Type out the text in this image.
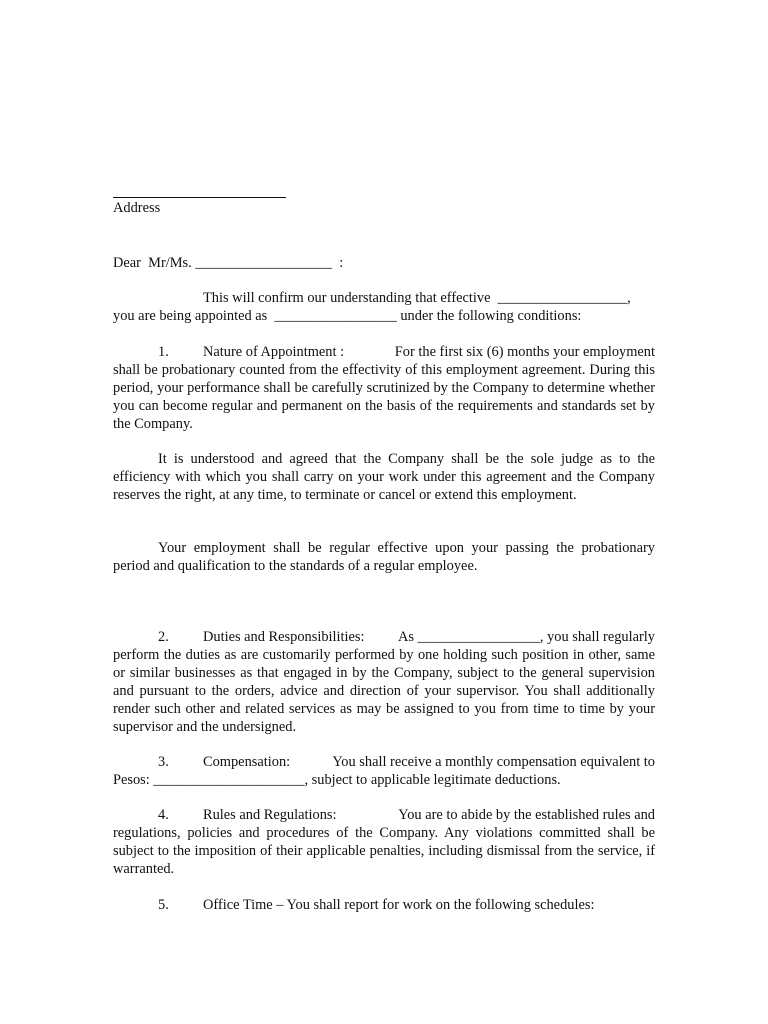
Address
Dear  Mr/Ms. ___________________  :
This will confirm our understanding that effective  __________________,
you are being appointed as  _________________ under the following conditions:
1. Nature of Appointment :	For the first six (6) months your employment

shall be probationary counted from the effectivity of this employment agreement. During this period, your performance shall be carefully scrutinized by the Company to determine whether you can become regular and permanent on the basis of the requirements and standards set by the Company.

It is understood and agreed that the Company shall be the sole judge as to the efficiency with which you shall carry on your work under this agreement and the Company reserves the right, at any time, to terminate or cancel or extend this employment.

Your employment shall be regular effective upon your passing the probationary period and qualification to the standards of a regular employee.

2. Duties and Responsibilities: As _________________, you shall regularly

perform the duties as are customarily performed by one holding such position in other, same or similar businesses as that engaged in by the Company, subject to the general supervision and pursuant to the orders, advice and direction of your supervisor. You shall additionally render such other and related services as may be assigned to you from time to time by your supervisor and the undersigned.

3. Compensation:	You shall receive a monthly compensation equivalent to

Pesos: _____________________, subject to applicable legitimate deductions.

4. Rules and Regulations:	You are to abide by the established rules and

regulations, policies and procedures of the Company. Any violations committed shall be subject to the imposition of their applicable penalties, including dismissal from the service, if warranted.

5. Office Time – You shall report for work on the following schedules:
